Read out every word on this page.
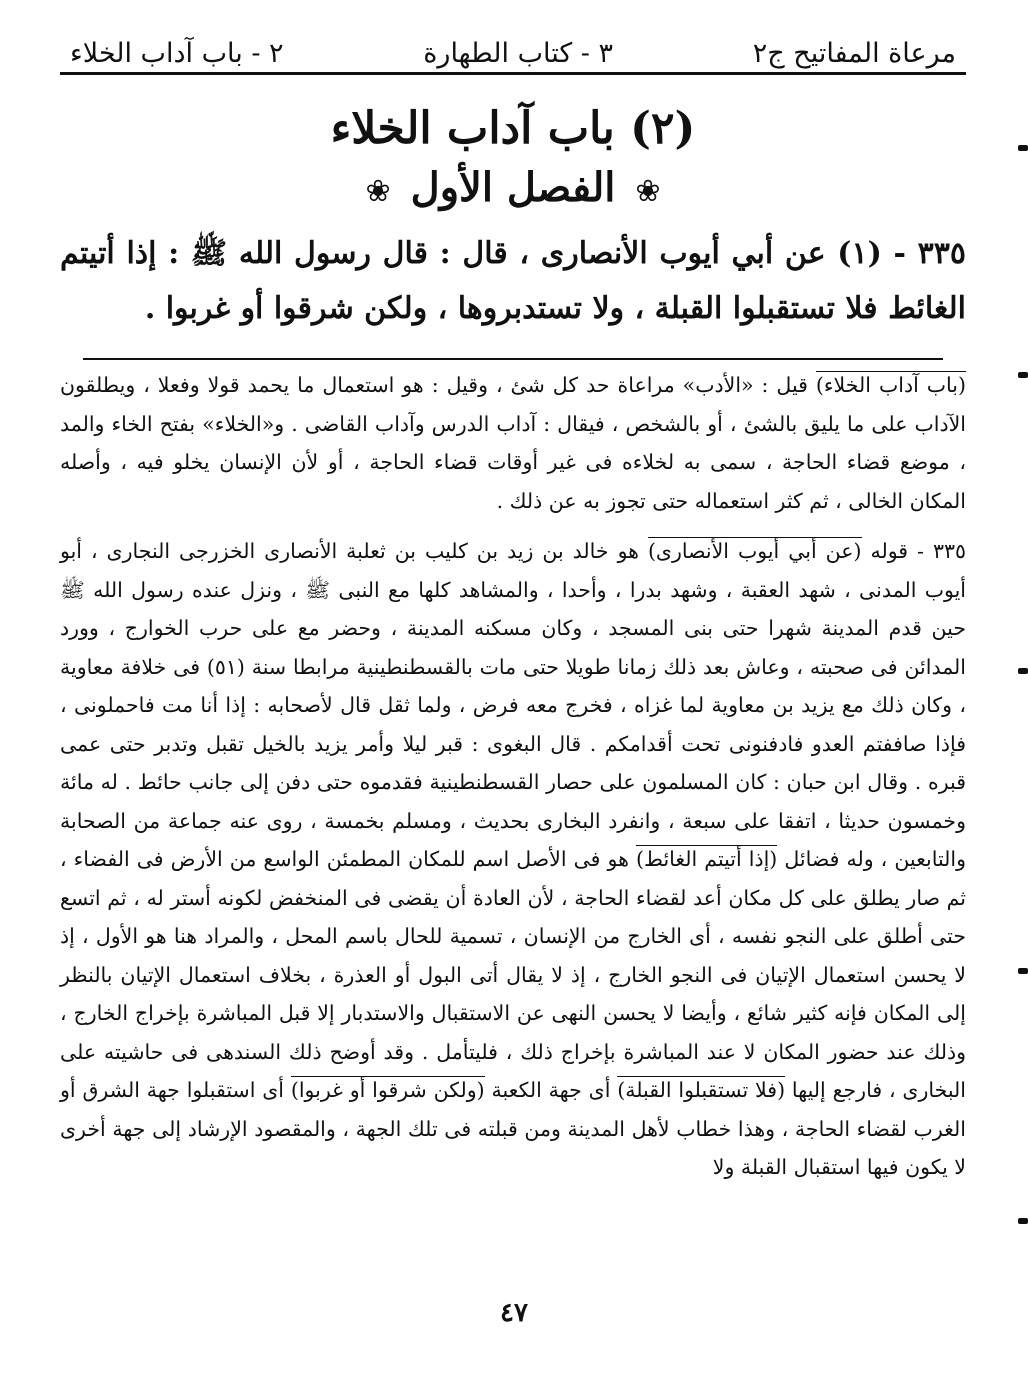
مرعاة المفاتيح ج٢
٣ - كتاب الطهارة
٢ - باب آداب الخلاء
(٢) باب آداب الخلاء
❀ الفصل الأول ❀
٣٣٥ - (١) عن أبي أيوب الأنصارى ، قال : قال رسول الله ﷺ : إذا أتيتم الغائط فلا تستقبلوا القبلة ، ولا تستدبروها ، ولكن شرقوا أو غربوا .

(باب آداب الخلاء) قيل : «الأدب» مراعاة حد كل شئ ، وقيل : هو استعمال ما يحمد قولا وفعلا ، ويطلقون الآداب على ما يليق بالشئ ، أو بالشخص ، فيقال : آداب الدرس وآداب القاضى . و«الخلاء» بفتح الخاء والمد ، موضع قضاء الحاجة ، سمى به لخلاءه فى غير أوقات قضاء الحاجة ، أو لأن الإنسان يخلو فيه ، وأصله المكان الخالى ، ثم كثر استعماله حتى تجوز به عن ذلك .

٣٣٥ - قوله (عن أبي أيوب الأنصارى) هو خالد بن زيد بن كليب بن ثعلبة الأنصارى الخزرجى النجارى ، أبو أيوب المدنى ، شهد العقبة ، وشهد بدرا ، وأحدا ، والمشاهد كلها مع النبى ﷺ ، ونزل عنده رسول الله ﷺ حين قدم المدينة شهرا حتى بنى المسجد ، وكان مسكنه المدينة ، وحضر مع على حرب الخوارج ، وورد المدائن فى صحبته ، وعاش بعد ذلك زمانا طويلا حتى مات بالقسطنطينية مرابطا سنة (٥١) فى خلافة معاوية ، وكان ذلك مع يزيد بن معاوية لما غزاه ، فخرج معه فرض ، ولما ثقل قال لأصحابه : إذا أنا مت فاحملونى ، فإذا صاففتم العدو فادفنونى تحت أقدامكم . قال البغوى : قبر ليلا وأمر يزيد بالخيل تقبل وتدبر حتى عمى قبره . وقال ابن حبان : كان المسلمون على حصار القسطنطينية فقدموه حتى دفن إلى جانب حائط . له مائة وخمسون حديثا ، اتفقا على سبعة ، وانفرد البخارى بحديث ، ومسلم بخمسة ، روى عنه جماعة من الصحابة والتابعين ، وله فضائل (إذا أتيتم الغائط) هو فى الأصل اسم للمكان المطمئن الواسع من الأرض فى الفضاء ، ثم صار يطلق على كل مكان أعد لقضاء الحاجة ، لأن العادة أن يقضى فى المنخفض لكونه أستر له ، ثم اتسع حتى أطلق على النجو نفسه ، أى الخارج من الإنسان ، تسمية للحال باسم المحل ، والمراد هنا هو الأول ، إذ لا يحسن استعمال الإتيان فى النجو الخارج ، إذ لا يقال أتى البول أو العذرة ، بخلاف استعمال الإتيان بالنظر إلى المكان فإنه كثير شائع ، وأيضا لا يحسن النهى عن الاستقبال والاستدبار إلا قبل المباشرة بإخراج الخارج ، وذلك عند حضور المكان لا عند المباشرة بإخراج ذلك ، فليتأمل . وقد أوضح ذلك السندهى فى حاشيته على البخارى ، فارجع إليها (فلا تستقبلوا القبلة) أى جهة الكعبة (ولكن شرقوا أو غربوا) أى استقبلوا جهة الشرق أو الغرب لقضاء الحاجة ، وهذا خطاب لأهل المدينة ومن قبلته فى تلك الجهة ، والمقصود الإرشاد إلى جهة أخرى لا يكون فيها استقبال القبلة ولا

٤٧
